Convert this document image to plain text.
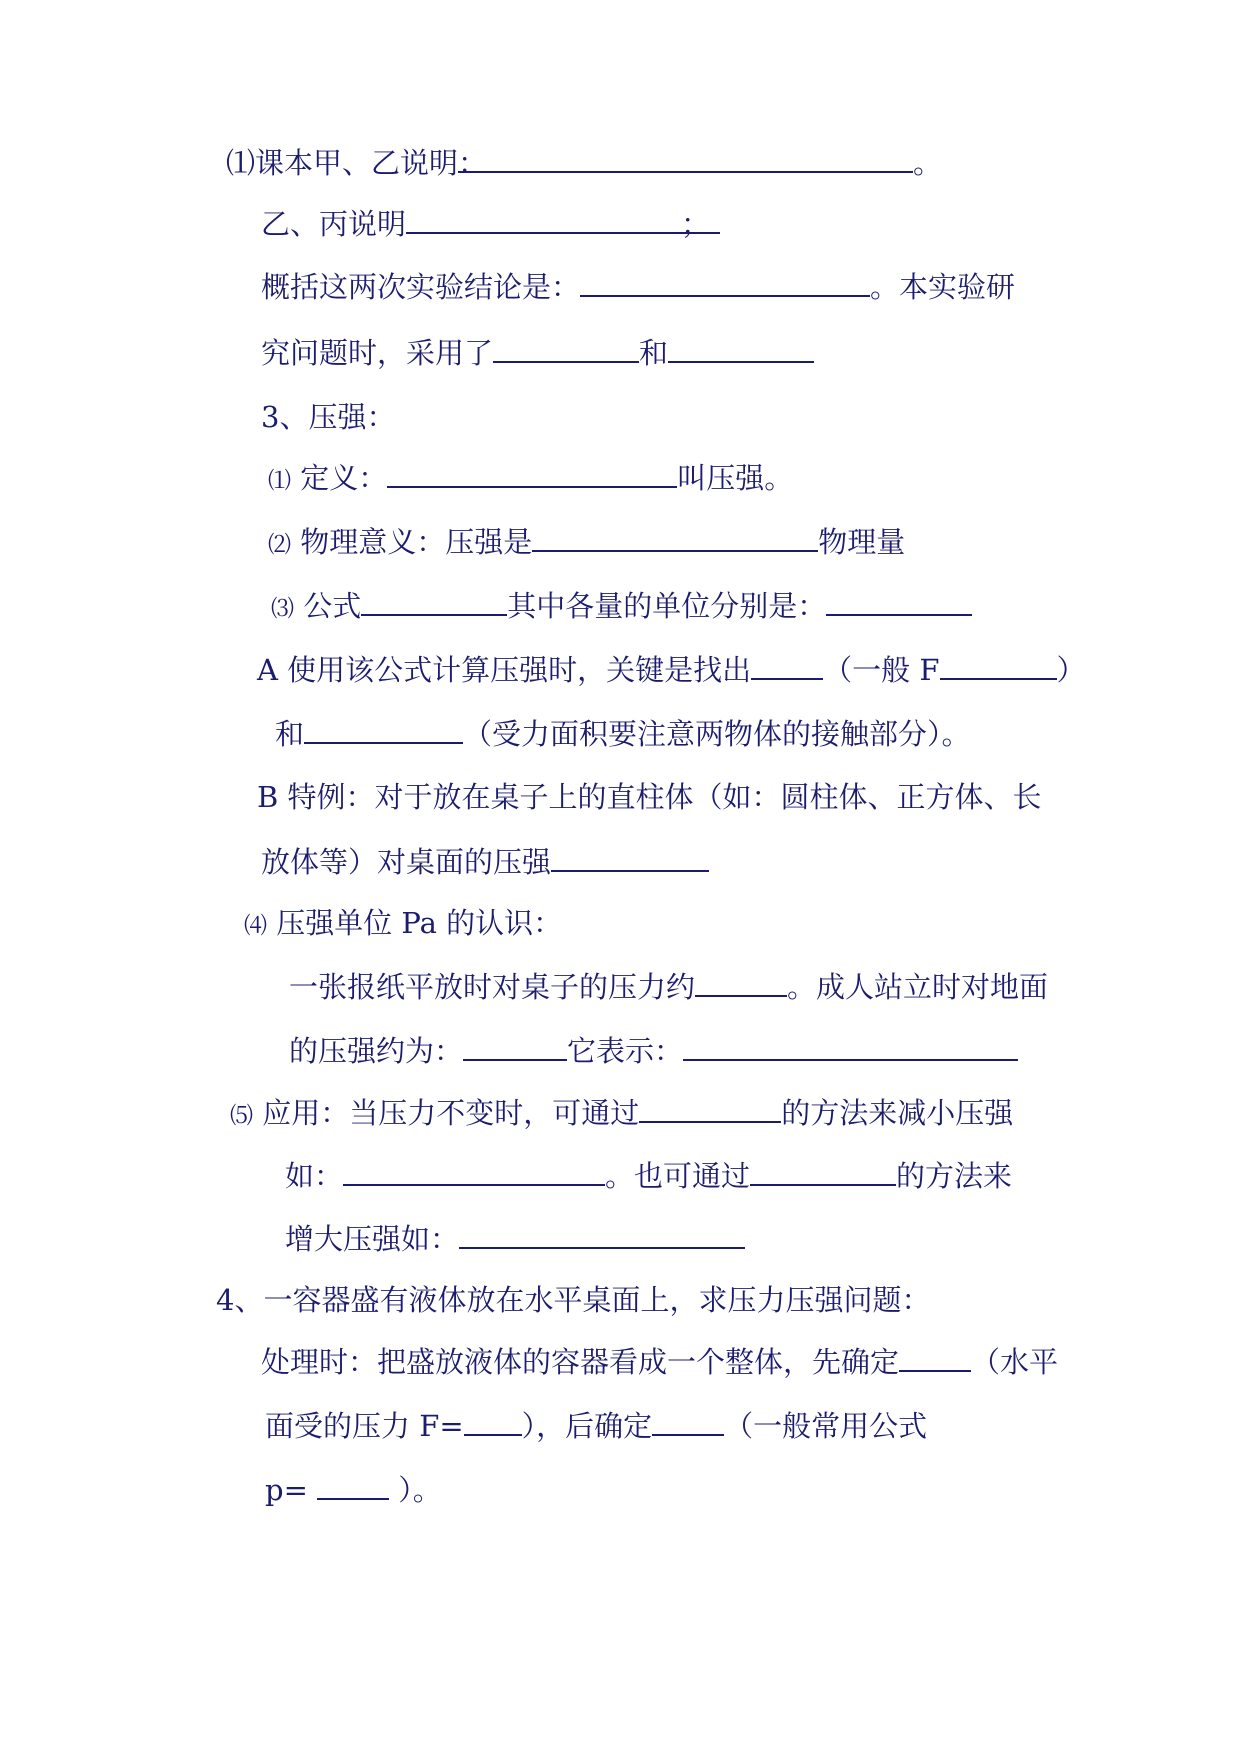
⑴课本甲、乙说明：	。
乙、丙说明	；
概括这两次实验结论是：	。本实验研
究问题时，采用了	和
3、压强：
⑴ 定义：	叫压强。
⑵ 物理意义：压强是	物理量
⑶ 公式	其中各量的单位分别是：
A 使用该公式计算压强时，关键是找出 （一般 F	）
和	（受力面积要注意两物体的接触部分）。
B 特例：对于放在桌子上的直柱体（如：圆柱体、正方体、长
放体等）对桌面的压强
⑷ 压强单位 Pa 的认识：
一张报纸平放时对桌子的压力约	。成人站立时对地面
的压强约为：	它表示：
⑸ 应用：当压力不变时，可通过	的方法来减小压强
如：	。也可通过	的方法来
增大压强如：
4、一容器盛有液体放在水平桌面上，求压力压强问题：
处理时：把盛放液体的容器看成一个整体，先确定 （水平
面受的压力 F= ），后确定 （一般常用公式
p=  ）。
